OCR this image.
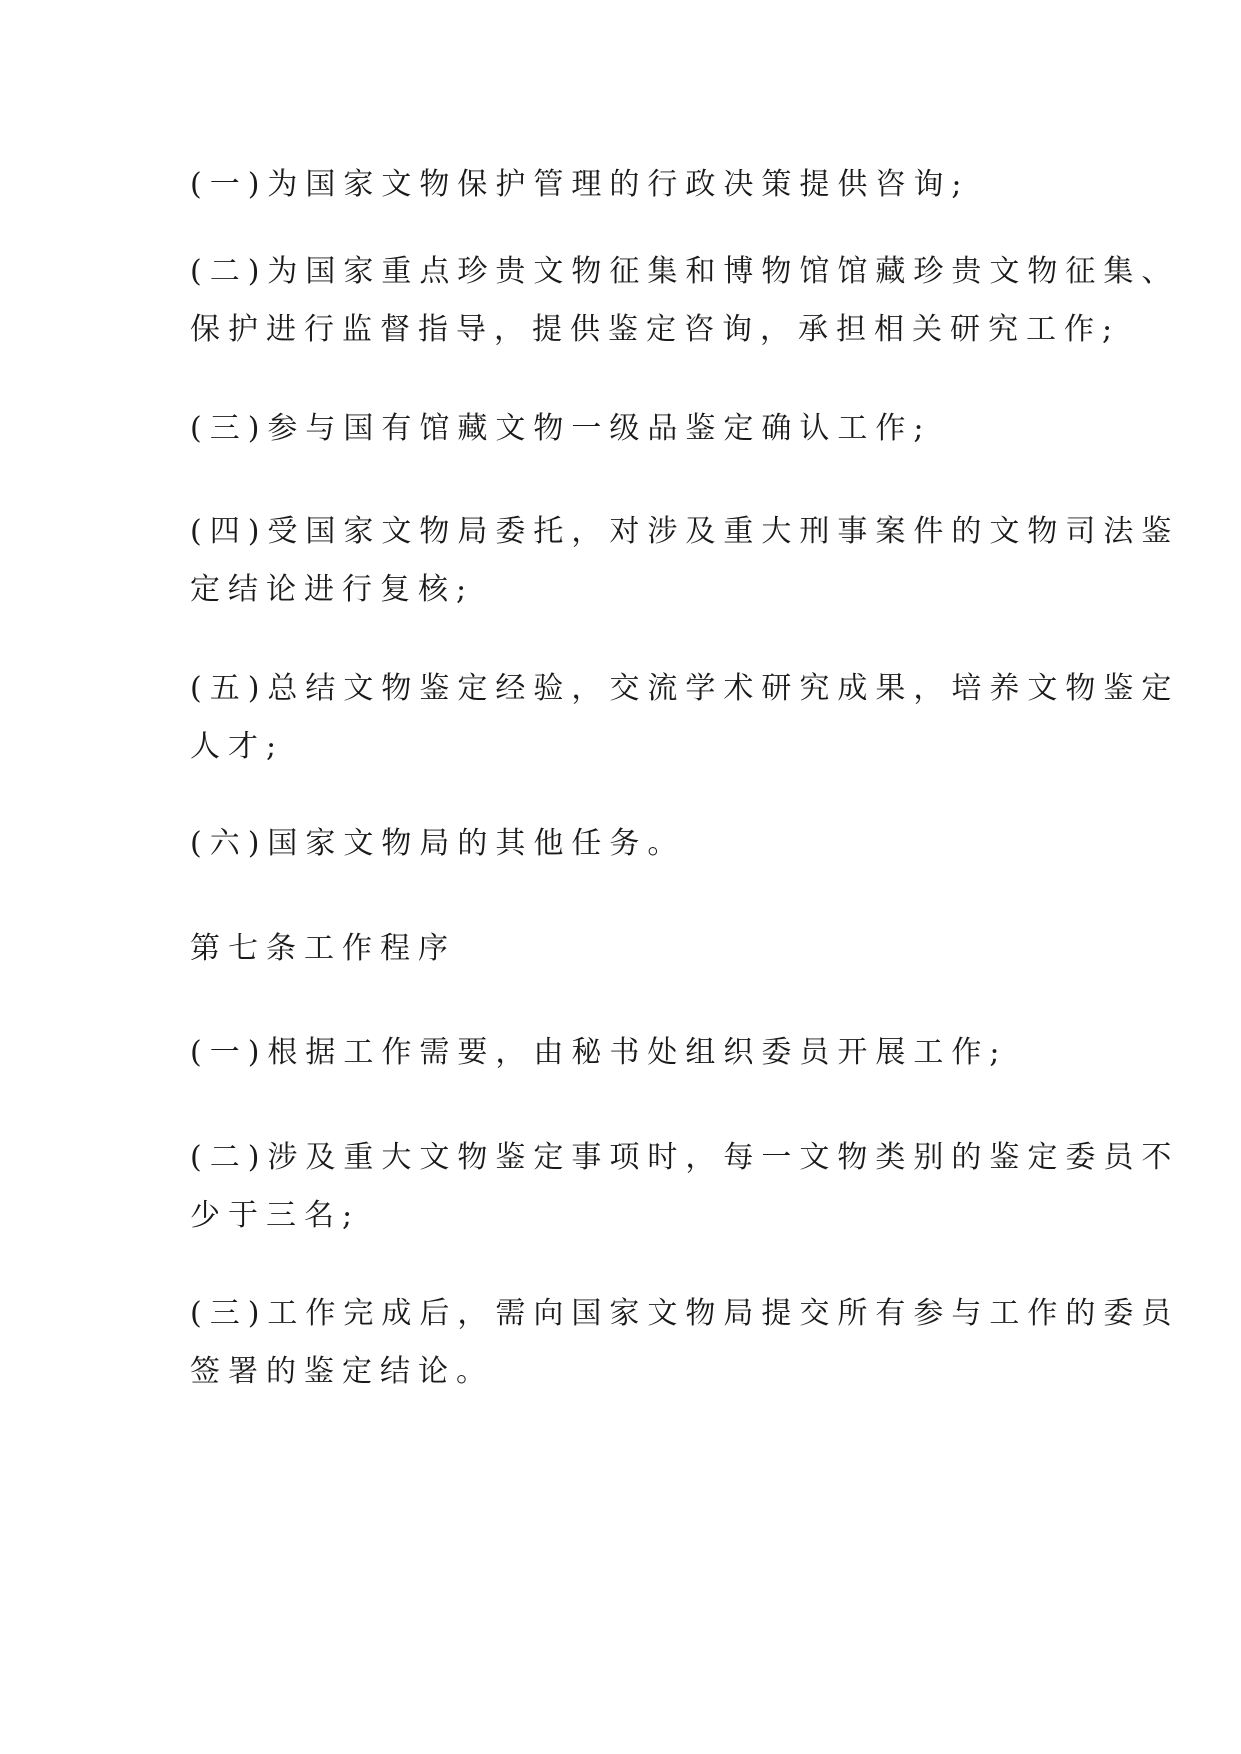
(一)为国家文物保护管理的行政决策提供咨询;

(二)为国家重点珍贵文物征集和博物馆馆藏珍贵文物征集、
保护进行监督指导，提供鉴定咨询，承担相关研究工作;

(三)参与国有馆藏文物一级品鉴定确认工作;

(四)受国家文物局委托，对涉及重大刑事案件的文物司法鉴
定结论进行复核;

(五)总结文物鉴定经验，交流学术研究成果，培养文物鉴定
人才;

(六)国家文物局的其他任务。

第七条工作程序

(一)根据工作需要，由秘书处组织委员开展工作;

(二)涉及重大文物鉴定事项时，每一文物类别的鉴定委员不
少于三名;

(三)工作完成后，需向国家文物局提交所有参与工作的委员
签署的鉴定结论。
